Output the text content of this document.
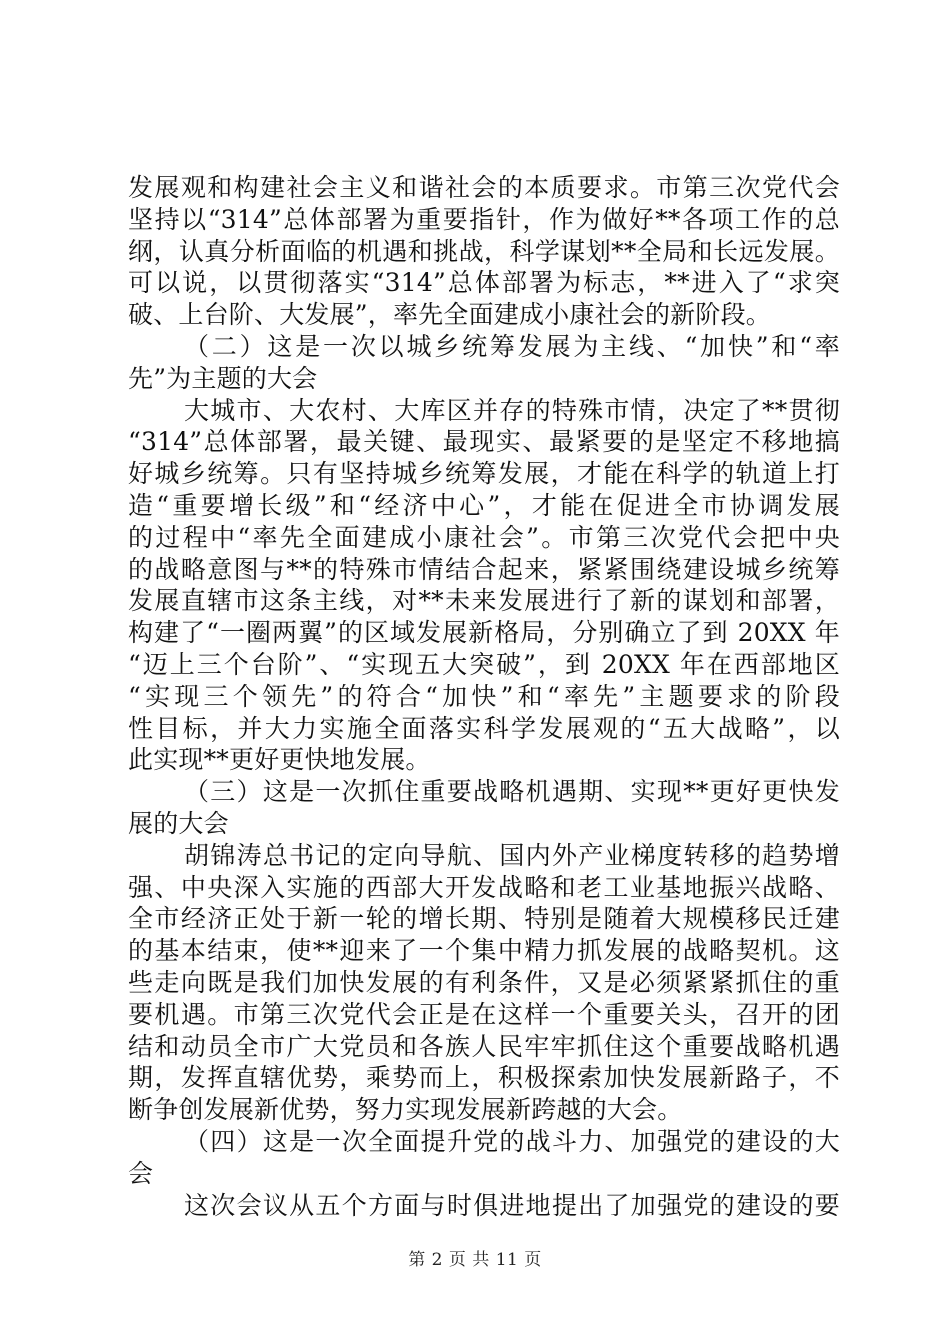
发展观和构建社会主义和谐社会的本质要求。市第三次党代会
坚持以“314”总体部署为重要指针，作为做好**各项工作的总
纲，认真分析面临的机遇和挑战，科学谋划**全局和长远发展。
可以说，以贯彻落实“314”总体部署为标志，**进入了“求突
破、上台阶、大发展”，率先全面建成小康社会的新阶段。
（二）这是一次以城乡统筹发展为主线、“加快”和“率
先”为主题的大会
大城市、大农村、大库区并存的特殊市情，决定了**贯彻
“314”总体部署，最关键、最现实、最紧要的是坚定不移地搞
好城乡统筹。只有坚持城乡统筹发展，才能在科学的轨道上打
造“重要增长级”和“经济中心”，才能在促进全市协调发展
的过程中“率先全面建成小康社会”。市第三次党代会把中央
的战略意图与**的特殊市情结合起来，紧紧围绕建设城乡统筹
发展直辖市这条主线，对**未来发展进行了新的谋划和部署，
构建了“一圈两翼”的区域发展新格局，分别确立了到 20XX 年
“迈上三个台阶”、“实现五大突破”，到 20XX 年在西部地区
“实现三个领先”的符合“加快”和“率先”主题要求的阶段
性目标，并大力实施全面落实科学发展观的“五大战略”，以
此实现**更好更快地发展。
（三）这是一次抓住重要战略机遇期、实现**更好更快发
展的大会
胡锦涛总书记的定向导航、国内外产业梯度转移的趋势增
强、中央深入实施的西部大开发战略和老工业基地振兴战略、
全市经济正处于新一轮的增长期、特别是随着大规模移民迁建
的基本结束，使**迎来了一个集中精力抓发展的战略契机。这
些走向既是我们加快发展的有利条件，又是必须紧紧抓住的重
要机遇。市第三次党代会正是在这样一个重要关头，召开的团
结和动员全市广大党员和各族人民牢牢抓住这个重要战略机遇
期，发挥直辖优势，乘势而上，积极探索加快发展新路子，不
断争创发展新优势，努力实现发展新跨越的大会。
（四）这是一次全面提升党的战斗力、加强党的建设的大
会
这次会议从五个方面与时俱进地提出了加强党的建设的要
第 2 页 共 11 页
